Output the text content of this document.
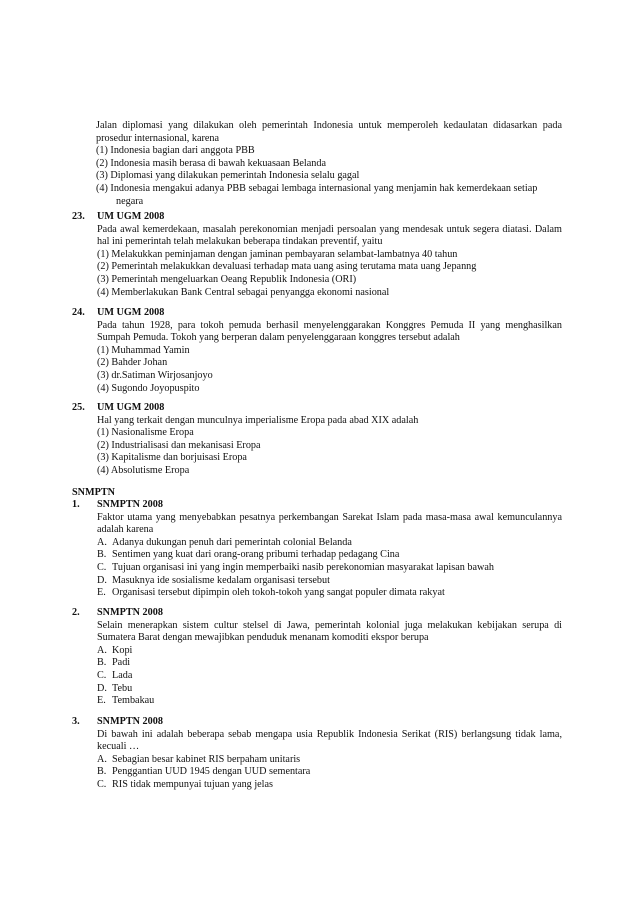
Jalan diplomasi yang dilakukan oleh pemerintah Indonesia untuk memperoleh kedaulatan didasarkan pada prosedur internasional, karena
(1) Indonesia bagian dari anggota PBB
(2) Indonesia masih berasa di bawah kekuasaan Belanda
(3) Diplomasi yang dilakukan pemerintah Indonesia selalu gagal
(4) Indonesia mengakui adanya PBB sebagai lembaga internasional yang menjamin hak kemerdekaan setiap
negara
23.	UM UGM 2008
Pada awal kemerdekaan, masalah perekonomian menjadi persoalan yang mendesak untuk segera diatasi. Dalam hal ini pemerintah telah melakukan beberapa tindakan preventif, yaitu
(1) Melakukkan peminjaman dengan jaminan pembayaran selambat-lambatnya 40 tahun
(2) Pemerintah melakukkan devaluasi terhadap mata uang asing terutama mata uang Jepanng
(3) Pemerintah mengeluarkan Oeang Republik Indonesia (ORI)
(4) Memberlakukan Bank Central sebagai penyangga ekonomi nasional
24.	UM UGM 2008
Pada tahun 1928, para tokoh pemuda berhasil menyelenggarakan Konggres Pemuda II yang menghasilkan Sumpah Pemuda. Tokoh yang berperan dalam penyelenggaraan konggres tersebut adalah
(1) Muhammad Yamin
(2) Bahder Johan
(3) dr.Satiman Wirjosanjoyo
(4) Sugondo Joyopuspito
25.	UM UGM 2008
Hal yang terkait dengan munculnya imperialisme Eropa pada abad XIX adalah
(1) Nasionalisme Eropa
(2) Industrialisasi dan mekanisasi Eropa
(3) Kapitalisme dan borjuisasi Eropa
(4) Absolutisme Eropa
SNMPTN
1.	SNMPTN 2008
Faktor utama yang menyebabkan pesatnya perkembangan Sarekat Islam pada masa-masa awal kemunculannya adalah karena
A. Adanya dukungan penuh dari pemerintah colonial Belanda
B. Sentimen yang kuat dari orang-orang pribumi terhadap pedagang Cina
C. Tujuan organisasi ini yang ingin memperbaiki nasib perekonomian masyarakat lapisan bawah
D. Masuknya ide sosialisme kedalam organisasi tersebut
E. Organisasi tersebut dipimpin oleh tokoh-tokoh yang sangat populer dimata rakyat
2.	SNMPTN 2008
Selain menerapkan sistem cultur stelsel di Jawa, pemerintah kolonial juga melakukan kebijakan serupa di Sumatera Barat dengan mewajibkan penduduk menanam komoditi ekspor berupa
A. Kopi
B. Padi
C. Lada
D. Tebu
E. Tembakau
3.	SNMPTN 2008
Di bawah ini adalah beberapa sebab mengapa usia Republik Indonesia Serikat (RIS) berlangsung tidak lama, kecuali …
A. Sebagian besar kabinet RIS berpaham unitaris
B. Penggantian UUD 1945 dengan UUD sementara
C. RIS tidak mempunyai tujuan yang jelas
